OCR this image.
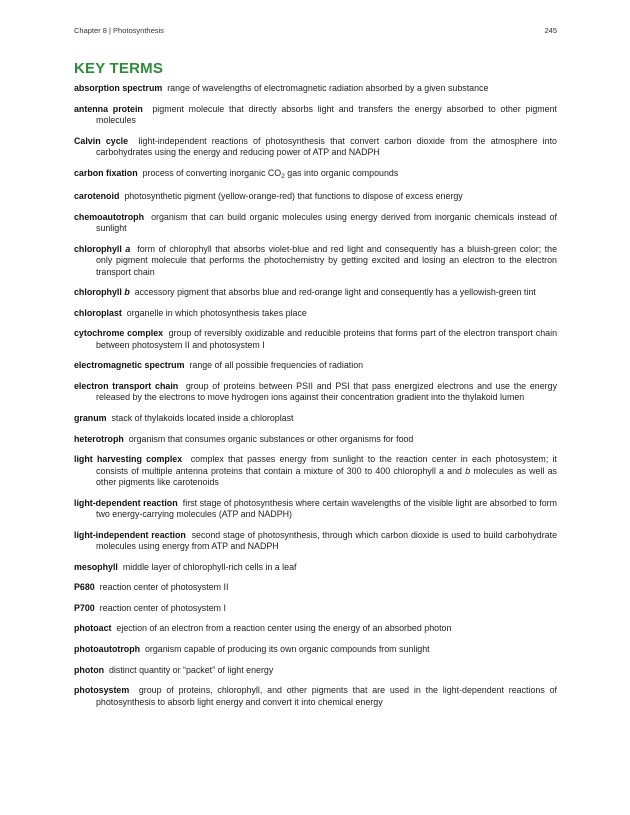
Chapter 8 | Photosynthesis	245
KEY TERMS

absorption spectrum range of wavelengths of electromagnetic radiation absorbed by a given substance

antenna protein pigment molecule that directly absorbs light and transfers the energy absorbed to other pigment molecules

Calvin cycle light-independent reactions of photosynthesis that convert carbon dioxide from the atmosphere into carbohydrates using the energy and reducing power of ATP and NADPH

carbon fixation process of converting inorganic $CO_2$ gas into organic compounds

carotenoid photosynthetic pigment (yellow-orange-red) that functions to dispose of excess energy

chemoautotroph organism that can build organic molecules using energy derived from inorganic chemicals instead of sunlight

chlorophyll a form of chlorophyll that absorbs violet-blue and red light and consequently has a bluish-green color; the only pigment molecule that performs the photochemistry by getting excited and losing an electron to the electron transport chain

chlorophyll b accessory pigment that absorbs blue and red-orange light and consequently has a yellowish-green tint

chloroplast organelle in which photosynthesis takes place

cytochrome complex group of reversibly oxidizable and reducible proteins that forms part of the electron transport chain between photosystem II and photosystem I

electromagnetic spectrum range of all possible frequencies of radiation

electron transport chain group of proteins between PSII and PSI that pass energized electrons and use the energy released by the electrons to move hydrogen ions against their concentration gradient into the thylakoid lumen

granum stack of thylakoids located inside a chloroplast

heterotroph organism that consumes organic substances or other organisms for food

light harvesting complex complex that passes energy from sunlight to the reaction center in each photosystem; it consists of multiple antenna proteins that contain a mixture of 300 to 400 chlorophyll a and b molecules as well as other pigments like carotenoids

light-dependent reaction first stage of photosynthesis where certain wavelengths of the visible light are absorbed to form two energy-carrying molecules (ATP and NADPH)

light-independent reaction second stage of photosynthesis, through which carbon dioxide is used to build carbohydrate molecules using energy from ATP and NADPH

mesophyll middle layer of chlorophyll-rich cells in a leaf

P680 reaction center of photosystem II

P700 reaction center of photosystem I

photoact ejection of an electron from a reaction center using the energy of an absorbed photon

photoautotroph organism capable of producing its own organic compounds from sunlight

photon distinct quantity or “packet” of light energy

photosystem group of proteins, chlorophyll, and other pigments that are used in the light-dependent reactions of photosynthesis to absorb light energy and convert it into chemical energy
